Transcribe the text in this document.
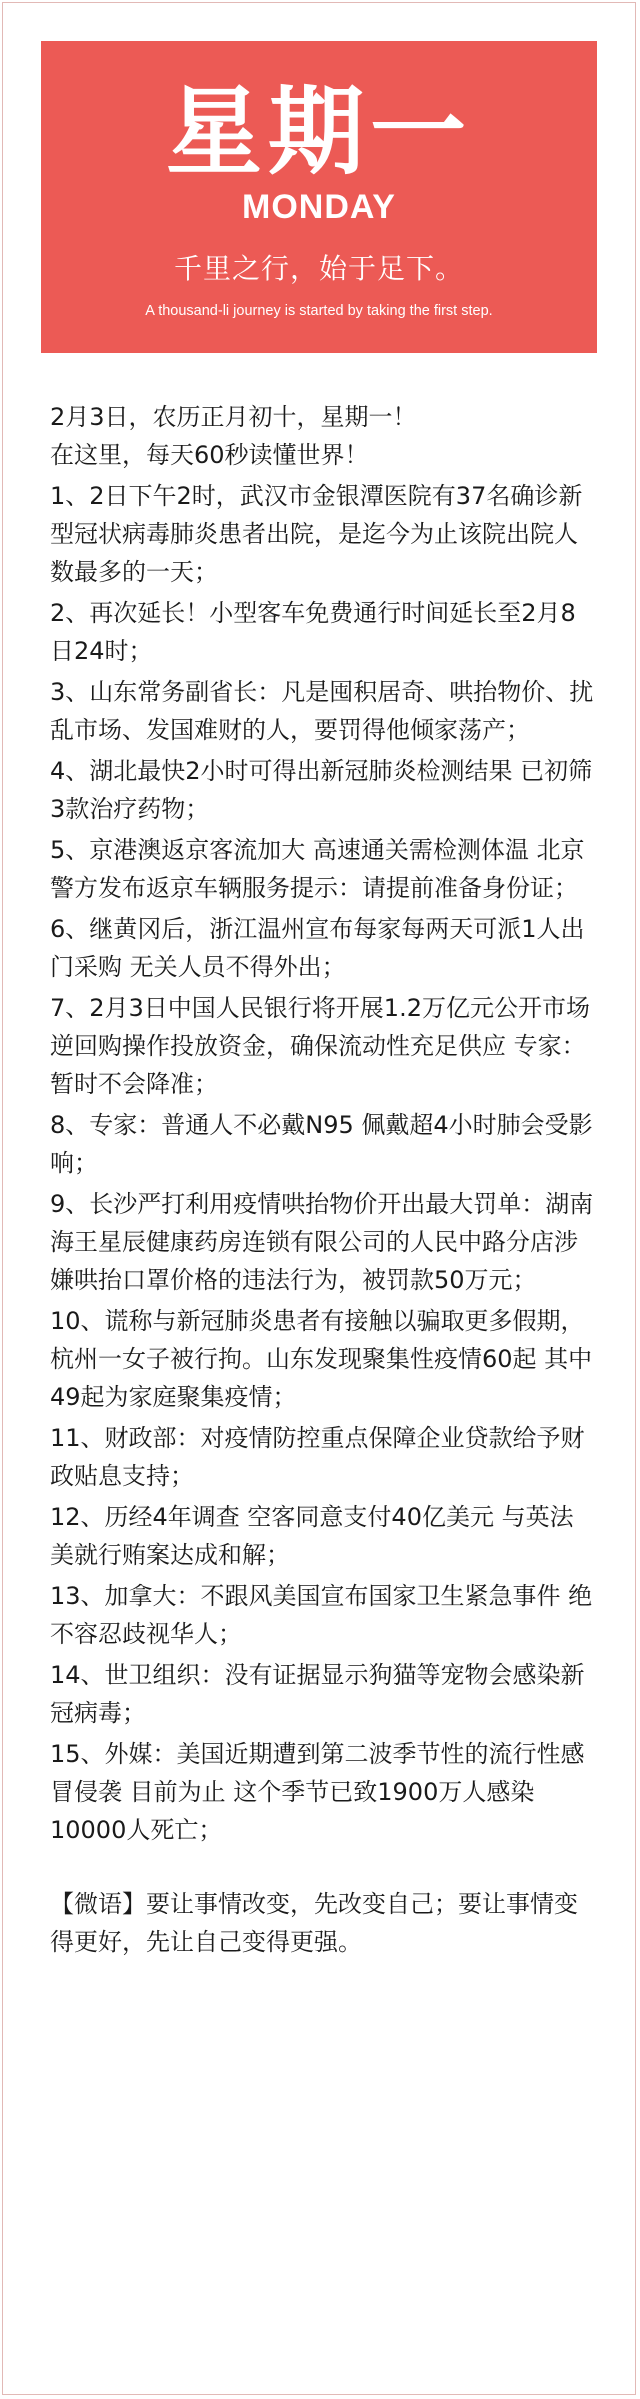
星期一
MONDAY
千里之行，始于足下。
A thousand-li journey is started by taking the first step.

2月3日，农历正月初十，星期一！

在这里，每天60秒读懂世界！

1、2日下午2时，武汉市金银潭医院有37名确诊新型冠状病毒肺炎患者出院，是迄今为止该院出院人数最多的一天；

2、再次延长！小型客车免费通行时间延长至2月8日24时；

3、山东常务副省长：凡是囤积居奇、哄抬物价、扰乱市场、发国难财的人，要罚得他倾家荡产；

4、湖北最快2小时可得出新冠肺炎检测结果 已初筛3款治疗药物；

5、京港澳返京客流加大 高速通关需检测体温 北京警方发布返京车辆服务提示：请提前准备身份证；

6、继黄冈后，浙江温州宣布每家每两天可派1人出门采购 无关人员不得外出；

7、2月3日中国人民银行将开展1.2万亿元公开市场逆回购操作投放资金，确保流动性充足供应 专家：暂时不会降准；

8、专家：普通人不必戴N95 佩戴超4小时肺会受影响；

9、长沙严打利用疫情哄抬物价开出最大罚单：湖南海王星辰健康药房连锁有限公司的人民中路分店涉嫌哄抬口罩价格的违法行为，被罚款50万元；

10、谎称与新冠肺炎患者有接触以骗取更多假期，杭州一女子被行拘。山东发现聚集性疫情60起 其中49起为家庭聚集疫情；

11、财政部：对疫情防控重点保障企业贷款给予财政贴息支持；

12、历经4年调查 空客同意支付40亿美元 与英法美就行贿案达成和解；

13、加拿大：不跟风美国宣布国家卫生紧急事件 绝不容忍歧视华人；

14、世卫组织：没有证据显示狗猫等宠物会感染新冠病毒；

15、外媒：美国近期遭到第二波季节性的流行性感冒侵袭 目前为止 这个季节已致1900万人感染10000人死亡；

【微语】要让事情改变，先改变自己；要让事情变得更好，先让自己变得更强。
